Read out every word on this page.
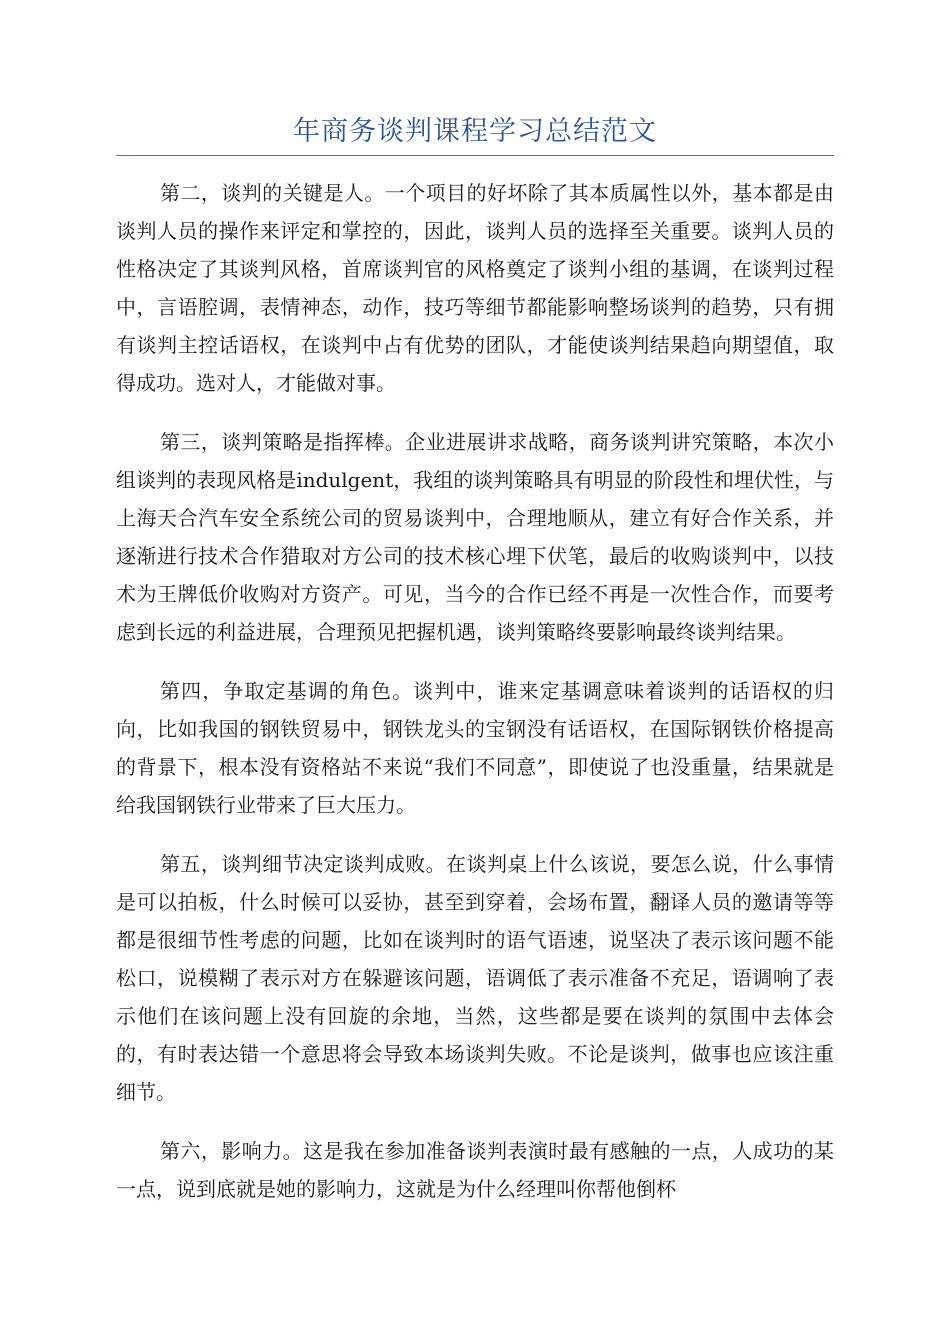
年商务谈判课程学习总结范文

第二，谈判的关键是人。一个项目的好坏除了其本质属性以外，基本都是由谈判人员的操作来评定和掌控的，因此，谈判人员的选择至关重要。谈判人员的性格决定了其谈判风格，首席谈判官的风格奠定了谈判小组的基调，在谈判过程中，言语腔调，表情神态，动作，技巧等细节都能影响整场谈判的趋势，只有拥有谈判主控话语权，在谈判中占有优势的团队，才能使谈判结果趋向期望值，取得成功。选对人，才能做对事。

第三，谈判策略是指挥棒。企业进展讲求战略，商务谈判讲究策略，本次小组谈判的表现风格是indulgent，我组的谈判策略具有明显的阶段性和埋伏性，与上海天合汽车安全系统公司的贸易谈判中，合理地顺从，建立有好合作关系，并逐渐进行技术合作猎取对方公司的技术核心埋下伏笔，最后的收购谈判中，以技术为王牌低价收购对方资产。可见，当今的合作已经不再是一次性合作，而要考虑到长远的利益进展，合理预见把握机遇，谈判策略终要影响最终谈判结果。

第四，争取定基调的角色。谈判中，谁来定基调意味着谈判的话语权的归向，比如我国的钢铁贸易中，钢铁龙头的宝钢没有话语权，在国际钢铁价格提高的背景下，根本没有资格站不来说“我们不同意”，即使说了也没重量，结果就是给我国钢铁行业带来了巨大压力。

第五，谈判细节决定谈判成败。在谈判桌上什么该说，要怎么说，什么事情是可以拍板，什么时候可以妥协，甚至到穿着，会场布置，翻译人员的邀请等等都是很细节性考虑的问题，比如在谈判时的语气语速，说坚决了表示该问题不能松口，说模糊了表示对方在躲避该问题，语调低了表示准备不充足，语调响了表示他们在该问题上没有回旋的余地，当然，这些都是要在谈判的氛围中去体会的，有时表达错一个意思将会导致本场谈判失败。不论是谈判，做事也应该注重细节。

第六，影响力。这是我在参加准备谈判表演时最有感触的一点，人成功的某一点，说到底就是她的影响力，这就是为什么经理叫你帮他倒杯
